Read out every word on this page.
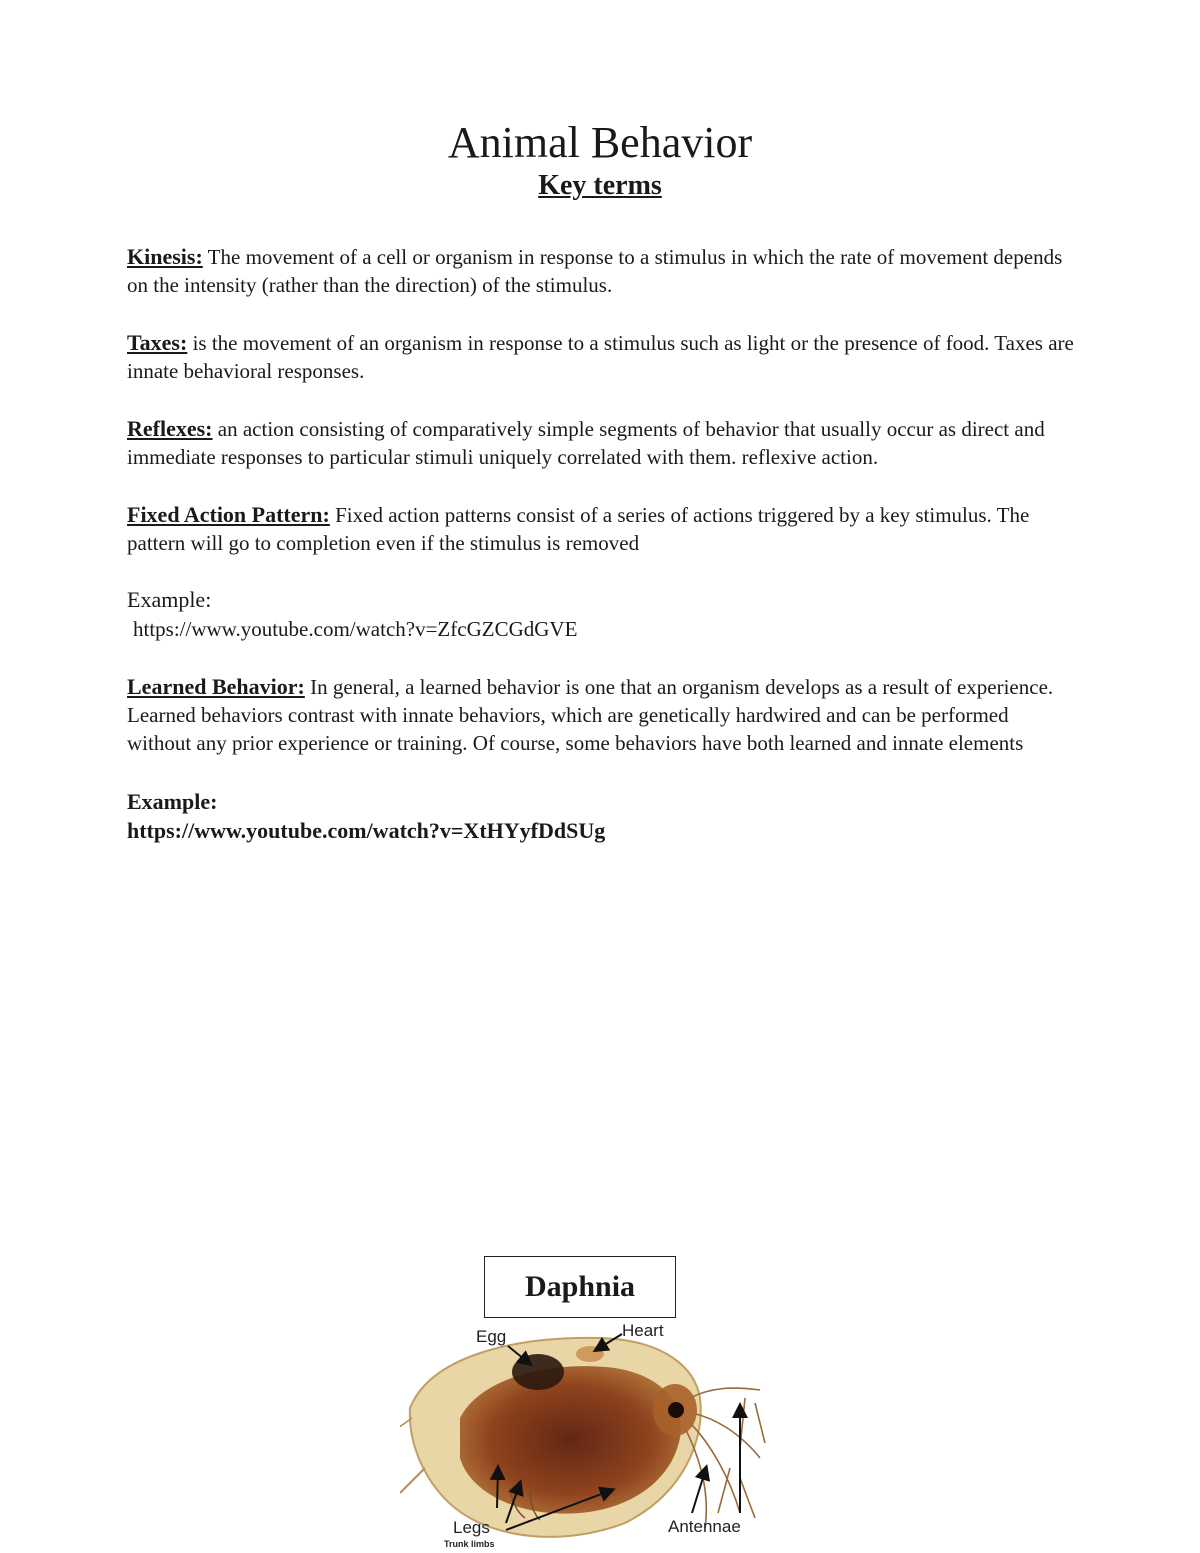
Animal Behavior
Key terms

Kinesis: The movement of a cell or organism in response to a stimulus in which the rate of movement depends on the intensity (rather than the direction) of the stimulus.

Taxes: is the movement of an organism in response to a stimulus such as light or the presence of food. Taxes are innate behavioral responses.

Reflexes: an action consisting of comparatively simple segments of behavior that usually occur as direct and immediate responses to particular stimuli uniquely correlated with them. reflexive action.

Fixed Action Pattern: Fixed action patterns consist of a series of actions triggered by a key stimulus. The pattern will go to completion even if the stimulus is removed

Example:
https://www.youtube.com/watch?v=ZfcGZCGdGVE

Learned Behavior: In general, a learned behavior is one that an organism develops as a result of experience. Learned behaviors contrast with innate behaviors, which are genetically hardwired and can be performed without any prior experience or training. Of course, some behaviors have both learned and innate elements

Example:
https://www.youtube.com/watch?v=XtHYyfDdSUg
Daphnia
Egg	Heart
Legs
Trunk limbs
Antennae
